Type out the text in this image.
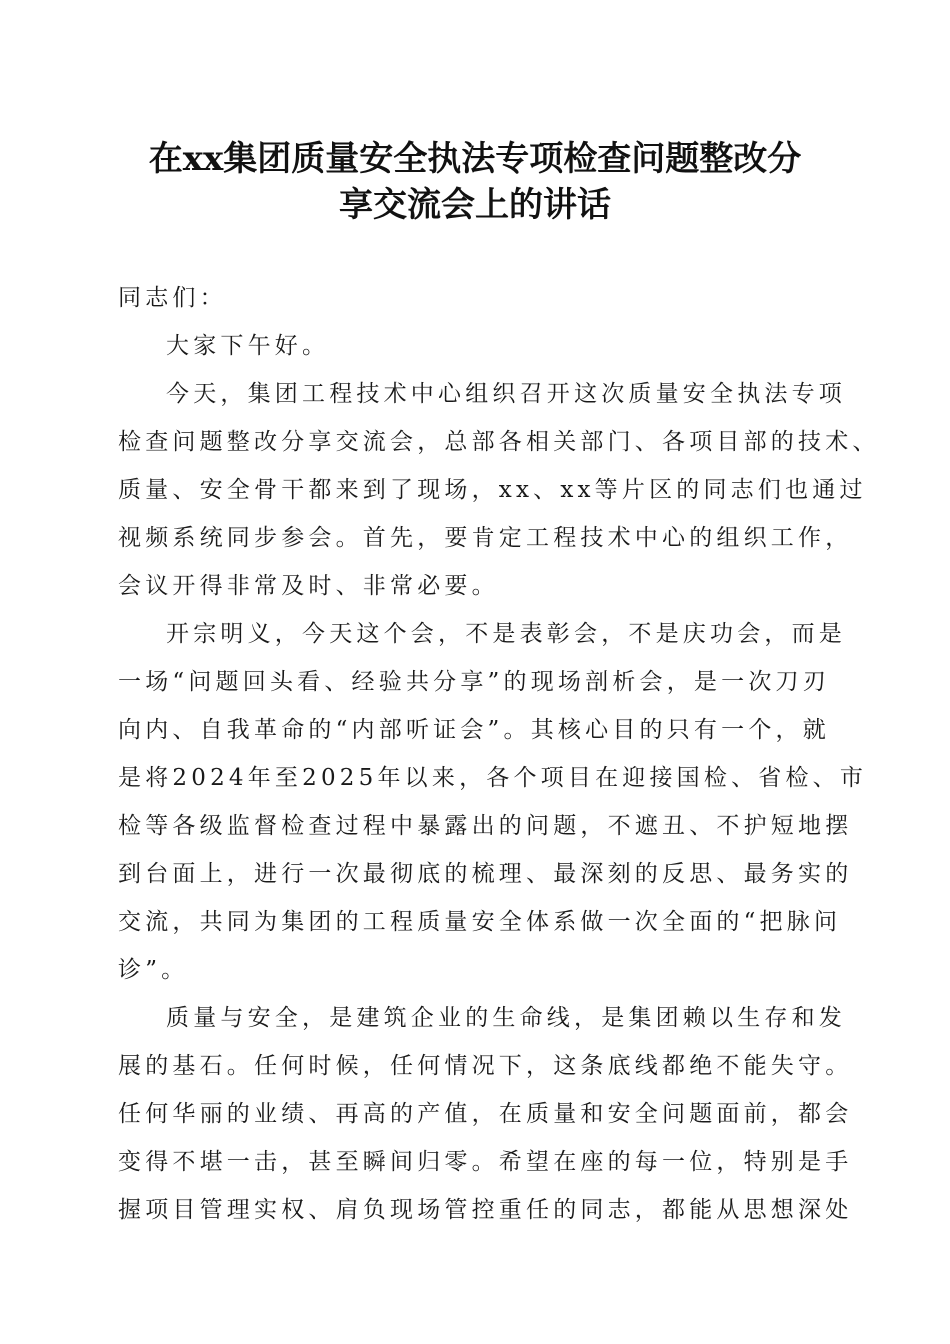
在xx集团质量安全执法专项检查问题整改分
享交流会上的讲话

同志们：

大家下午好。

今天，集团工程技术中心组织召开这次质量安全执法专项
检查问题整改分享交流会，总部各相关部门、各项目部的技术、
质量、安全骨干都来到了现场，xx、xx等片区的同志们也通过
视频系统同步参会。首先，要肯定工程技术中心的组织工作，
会议开得非常及时、非常必要。

开宗明义，今天这个会，不是表彰会，不是庆功会，而是
一场“问题回头看、经验共分享”的现场剖析会，是一次刀刃
向内、自我革命的“内部听证会”。其核心目的只有一个，就
是将2024年至2025年以来，各个项目在迎接国检、省检、市
检等各级监督检查过程中暴露出的问题，不遮丑、不护短地摆
到台面上，进行一次最彻底的梳理、最深刻的反思、最务实的
交流，共同为集团的工程质量安全体系做一次全面的“把脉问
诊”。

质量与安全，是建筑企业的生命线，是集团赖以生存和发
展的基石。任何时候，任何情况下，这条底线都绝不能失守。
任何华丽的业绩、再高的产值，在质量和安全问题面前，都会
变得不堪一击，甚至瞬间归零。希望在座的每一位，特别是手
握项目管理实权、肩负现场管控重任的同志，都能从思想深处
